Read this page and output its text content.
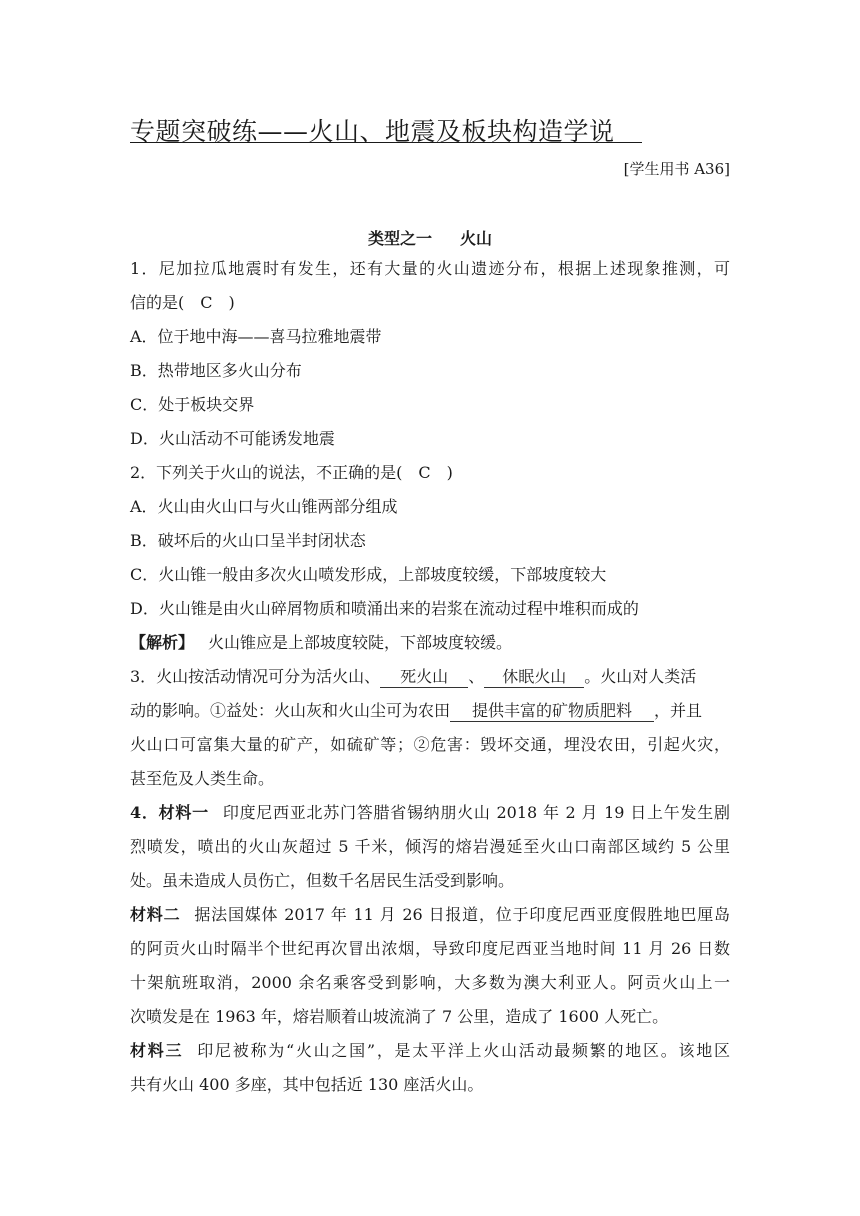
专题突破练——火山、地震及板块构造学说
[学生用书 A36]
类型之一 火山
1．尼加拉瓜地震时有发生，还有大量的火山遗迹分布，根据上述现象推测，可
信的是(　C　)
A．位于地中海——喜马拉雅地震带
B．热带地区多火山分布
C．处于板块交界
D．火山活动不可能诱发地震
2．下列关于火山的说法，不正确的是(　C　)
A．火山由火山口与火山锥两部分组成
B．破坏后的火山口呈半封闭状态
C．火山锥一般由多次火山喷发形成，上部坡度较缓，下部坡度较大
D．火山锥是由火山碎屑物质和喷涌出来的岩浆在流动过程中堆积而成的
【解析】 火山锥应是上部坡度较陡，下部坡度较缓。
3．火山按活动情况可分为活火山、 死火山 、 休眠火山 。火山对人类活
动的影响。①益处：火山灰和火山尘可为农田 提供丰富的矿物质肥料 ，并且
火山口可富集大量的矿产，如硫矿等；②危害：毁坏交通，埋没农田，引起火灾，
甚至危及人类生命。
4．材料一 印度尼西亚北苏门答腊省锡纳朋火山 2018 年 2 月 19 日上午发生剧
烈喷发，喷出的火山灰超过 5 千米，倾泻的熔岩漫延至火山口南部区域约 5 公里
处。虽未造成人员伤亡，但数千名居民生活受到影响。
材料二 据法国媒体 2017 年 11 月 26 日报道，位于印度尼西亚度假胜地巴厘岛
的阿贡火山时隔半个世纪再次冒出浓烟，导致印度尼西亚当地时间 11 月 26 日数
十架航班取消，2000 余名乘客受到影响，大多数为澳大利亚人。阿贡火山上一
次喷发是在 1963 年，熔岩顺着山坡流淌了 7 公里，造成了 1600 人死亡。
材料三 印尼被称为“火山之国”，是太平洋上火山活动最频繁的地区。该地区
共有火山 400 多座，其中包括近 130 座活火山。
